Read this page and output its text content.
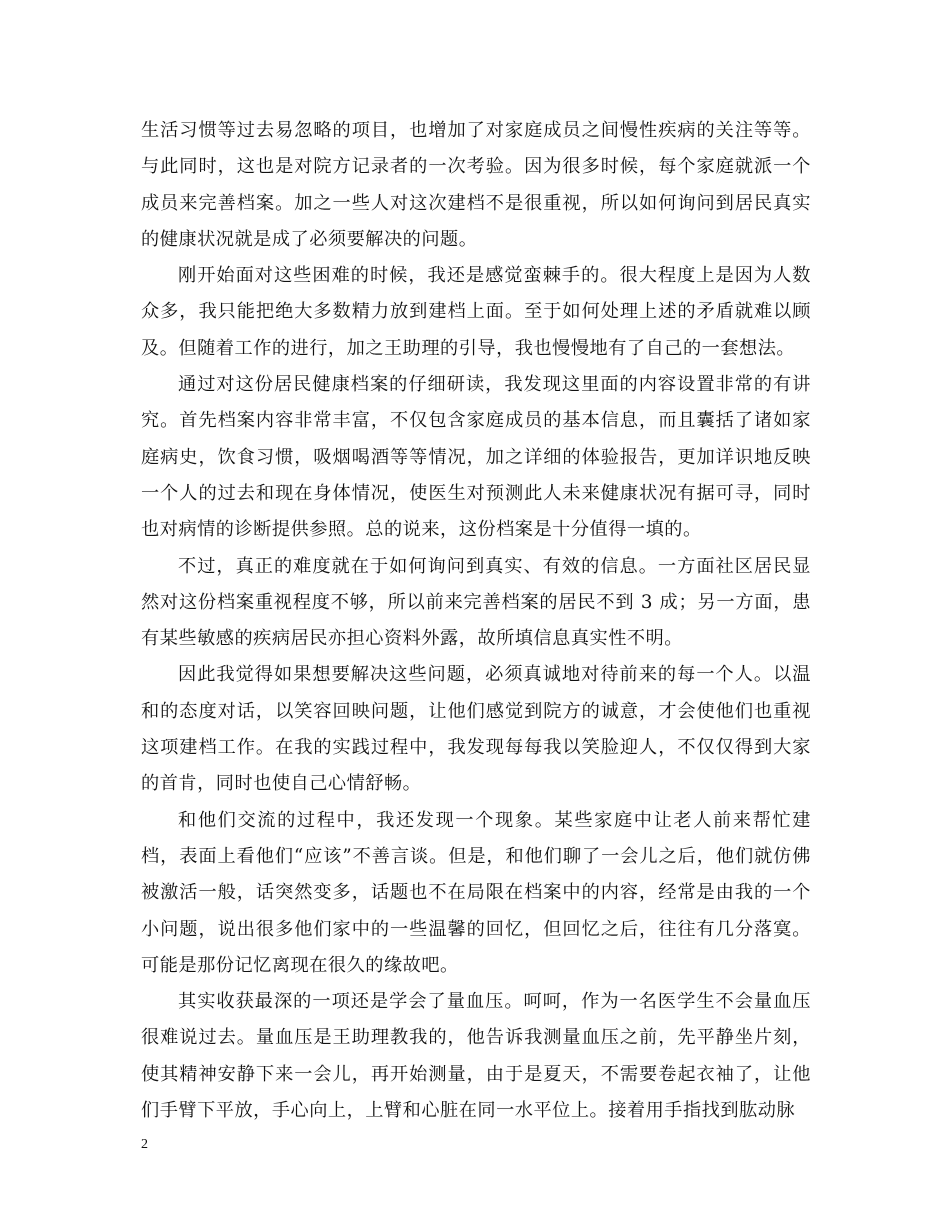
生活习惯等过去易忽略的项目，也增加了对家庭成员之间慢性疾病的关注等等。与此同时，这也是对院方记录者的一次考验。因为很多时候，每个家庭就派一个成员来完善档案。加之一些人对这次建档不是很重视，所以如何询问到居民真实的健康状况就是成了必须要解决的问题。

刚开始面对这些困难的时候，我还是感觉蛮棘手的。很大程度上是因为人数众多，我只能把绝大多数精力放到建档上面。至于如何处理上述的矛盾就难以顾及。但随着工作的进行，加之王助理的引导，我也慢慢地有了自己的一套想法。

通过对这份居民健康档案的仔细研读，我发现这里面的内容设置非常的有讲究。首先档案内容非常丰富，不仅包含家庭成员的基本信息，而且囊括了诸如家庭病史，饮食习惯，吸烟喝酒等等情况，加之详细的体验报告，更加详识地反映一个人的过去和现在身体情况，使医生对预测此人未来健康状况有据可寻，同时也对病情的诊断提供参照。总的说来，这份档案是十分值得一填的。

不过，真正的难度就在于如何询问到真实、有效的信息。一方面社区居民显然对这份档案重视程度不够，所以前来完善档案的居民不到 3 成；另一方面，患有某些敏感的疾病居民亦担心资料外露，故所填信息真实性不明。

因此我觉得如果想要解决这些问题，必须真诚地对待前来的每一个人。以温和的态度对话，以笑容回映问题，让他们感觉到院方的诚意，才会使他们也重视这项建档工作。在我的实践过程中，我发现每每我以笑脸迎人，不仅仅得到大家的首肯，同时也使自己心情舒畅。

和他们交流的过程中，我还发现一个现象。某些家庭中让老人前来帮忙建档，表面上看他们“应该”不善言谈。但是，和他们聊了一会儿之后，他们就仿佛被激活一般，话突然变多，话题也不在局限在档案中的内容，经常是由我的一个小问题，说出很多他们家中的一些温馨的回忆，但回忆之后，往往有几分落寞。可能是那份记忆离现在很久的缘故吧。

其实收获最深的一项还是学会了量血压。呵呵，作为一名医学生不会量血压很难说过去。量血压是王助理教我的，他告诉我测量血压之前，先平静坐片刻，使其精神安静下来一会儿，再开始测量，由于是夏天，不需要卷起衣袖了，让他们手臂下平放，手心向上，上臂和心脏在同一水平位上。接着用手指找到肱动脉

2
